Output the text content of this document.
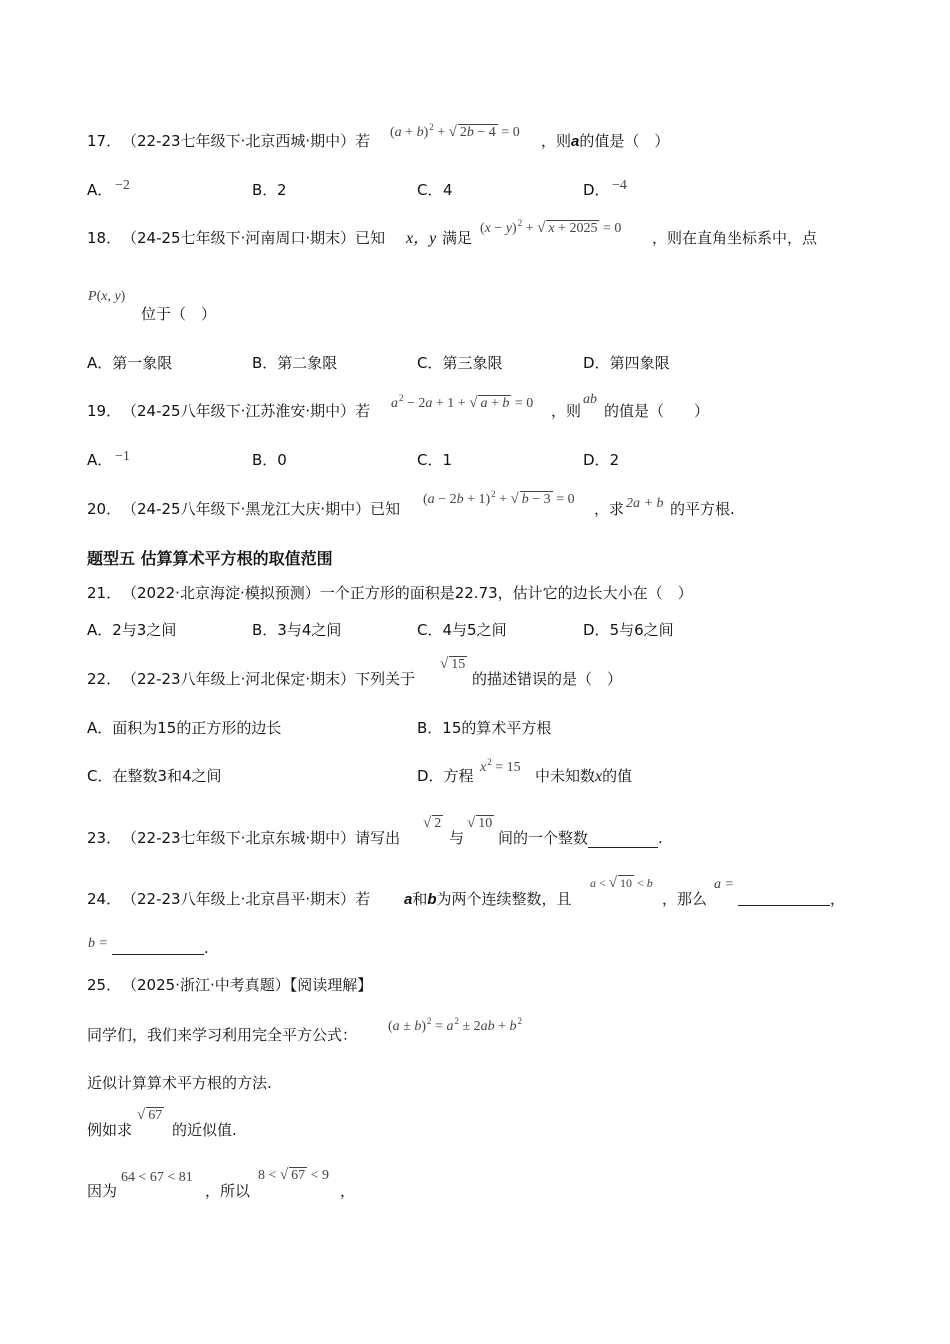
17． （22-23七年级下·北京西城·期中）若 $(a + b)^2$ + √ 2b − 4 = 0 ，则a的值是（　）
A． −2	B． 2	C． 4	D． −4
18． （24-25七年级下·河南周口·期末）已知 x，y 满足
$(x - y)^2$ + √ x + 2025 = 0
，则在直角坐标系中，点
P(x, y)
位于（　）
A．第一象限	B．第二象限	C．第三象限	D．第四象限
19． （24-25八年级下·江苏淮安·期中）若 $a^2 - 2a + 1$ + √ a + b = 0 ，则
ab
的值是（　　）
A． −1	B．0	C．1	D．2
20． （24-25八年级下·黑龙江大庆·期中）已知
$(a - 2b + 1)^2$ + √ b − 3 = 0
，求 2a + b 的平方根.
题型五 估算算术平方根的取值范围
21． （2022·北京海淀·模拟预测）一个正方形的面积是22.73，估计它的边长大小在（　）
A．2与3之间	B．3与4之间	C．4与5之间	D．5与6之间
22． （22-23八年级上·河北保定·期末）下列关于
√ 15
的描述错误的是（　）
A．面积为15的正方形的边长	B．15的算术平方根
C．在整数3和4之间	D．方程 $x^2 = 15$ 中未知数x的值
23． （22-23七年级下·北京东城·期中）请写出
√ 2
与
√ 10
间的一个整数	.
24． （22-23八年级上·北京昌平·期末）若 a和b为两个连续整数，且
a < √ 10 < b
，那么
a =
，
b =	.
25． （2025·浙江·中考真题）【阅读理解】
同学们，我们来学习利用完全平方公式： $(a \pm b)^2 = a^2 \pm 2ab + b^2$
近似计算算术平方根的方法.
例如求
√ 67
的近似值.
因为
64 < 67 < 81
，所以
8 < √ 67 < 9
，
